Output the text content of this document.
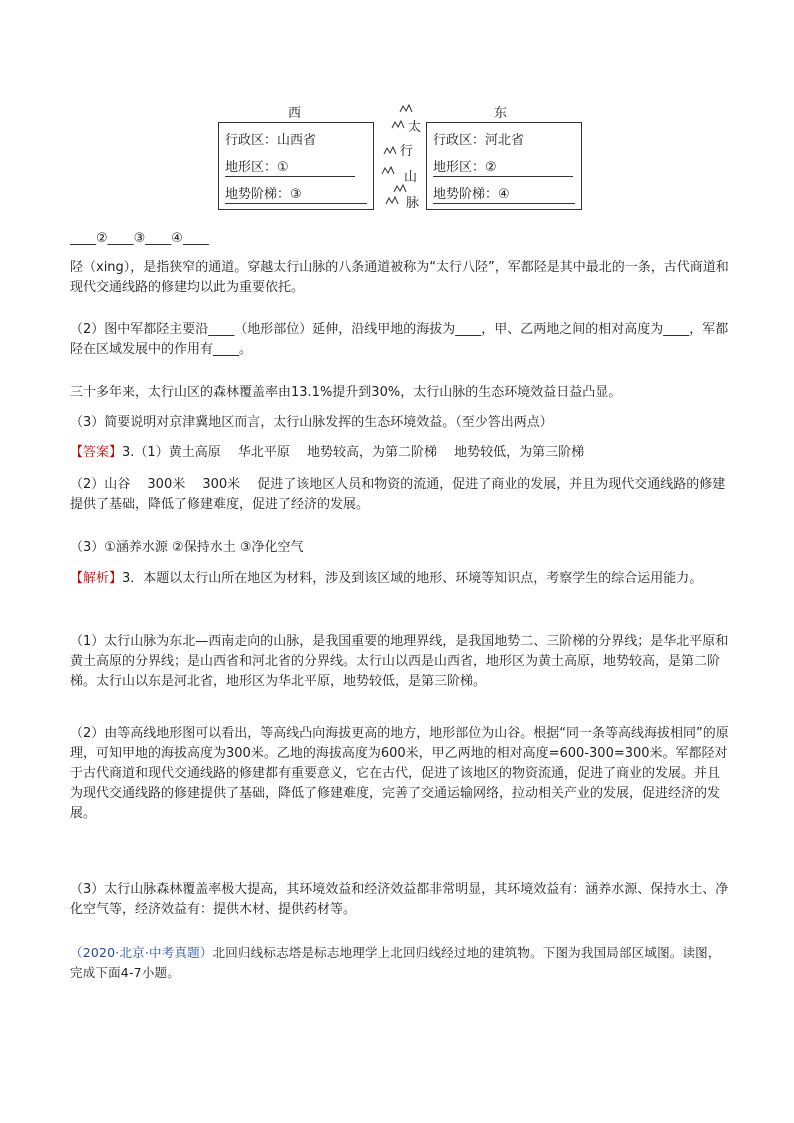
西	东
行政区：山西省
地形区：①
地势阶梯：③
太
行
山
脉
行政区：河北省
地形区：②
地势阶梯：④

____②____③____④____

陉（xing），是指狭窄的通道。穿越太行山脉的八条通道被称为“太行八陉”，军都陉是其中最北的一条，古代商道和现代交通线路的修建均以此为重要依托。

（2）图中军都陉主要沿____（地形部位）延伸，沿线甲地的海拔为____，甲、乙两地之间的相对高度为____，军都陉在区域发展中的作用有____。

三十多年来，太行山区的森林覆盖率由13.1%提升到30%，太行山脉的生态环境效益日益凸显。

（3）简要说明对京津冀地区而言，太行山脉发挥的生态环境效益。（至少答出两点）

【答案】3.（1）黄土高原　 华北平原　 地势较高，为第二阶梯　 地势较低，为第三阶梯

（2）山谷　 300米　 300米　 促进了该地区人员和物资的流通，促进了商业的发展，并且为现代交通线路的修建提供了基础，降低了修建难度，促进了经济的发展。

（3）①涵养水源 ②保持水土 ③净化空气

【解析】3．本题以太行山所在地区为材料，涉及到该区域的地形、环境等知识点，考察学生的综合运用能力。

（1）太行山脉为东北—西南走向的山脉，是我国重要的地理界线，是我国地势二、三阶梯的分界线；是华北平原和黄土高原的分界线；是山西省和河北省的分界线。太行山以西是山西省，地形区为黄土高原，地势较高，是第二阶梯。太行山以东是河北省，地形区为华北平原，地势较低，是第三阶梯。

（2）由等高线地形图可以看出，等高线凸向海拔更高的地方，地形部位为山谷。根据“同一条等高线海拔相同”的原理，可知甲地的海拔高度为300米。乙地的海拔高度为600米，甲乙两地的相对高度=600-300=300米。军都陉对于古代商道和现代交通线路的修建都有重要意义，它在古代，促进了该地区的物资流通，促进了商业的发展。并且为现代交通线路的修建提供了基础，降低了修建难度，完善了交通运输网络，拉动相关产业的发展，促进经济的发展。

（3）太行山脉森林覆盖率极大提高，其环境效益和经济效益都非常明显，其环境效益有：涵养水源、保持水土、净化空气等，经济效益有：提供木材、提供药材等。

（2020·北京·中考真题）北回归线标志塔是标志地理学上北回归线经过地的建筑物。下图为我国局部区域图。读图，完成下面4-7小题。
